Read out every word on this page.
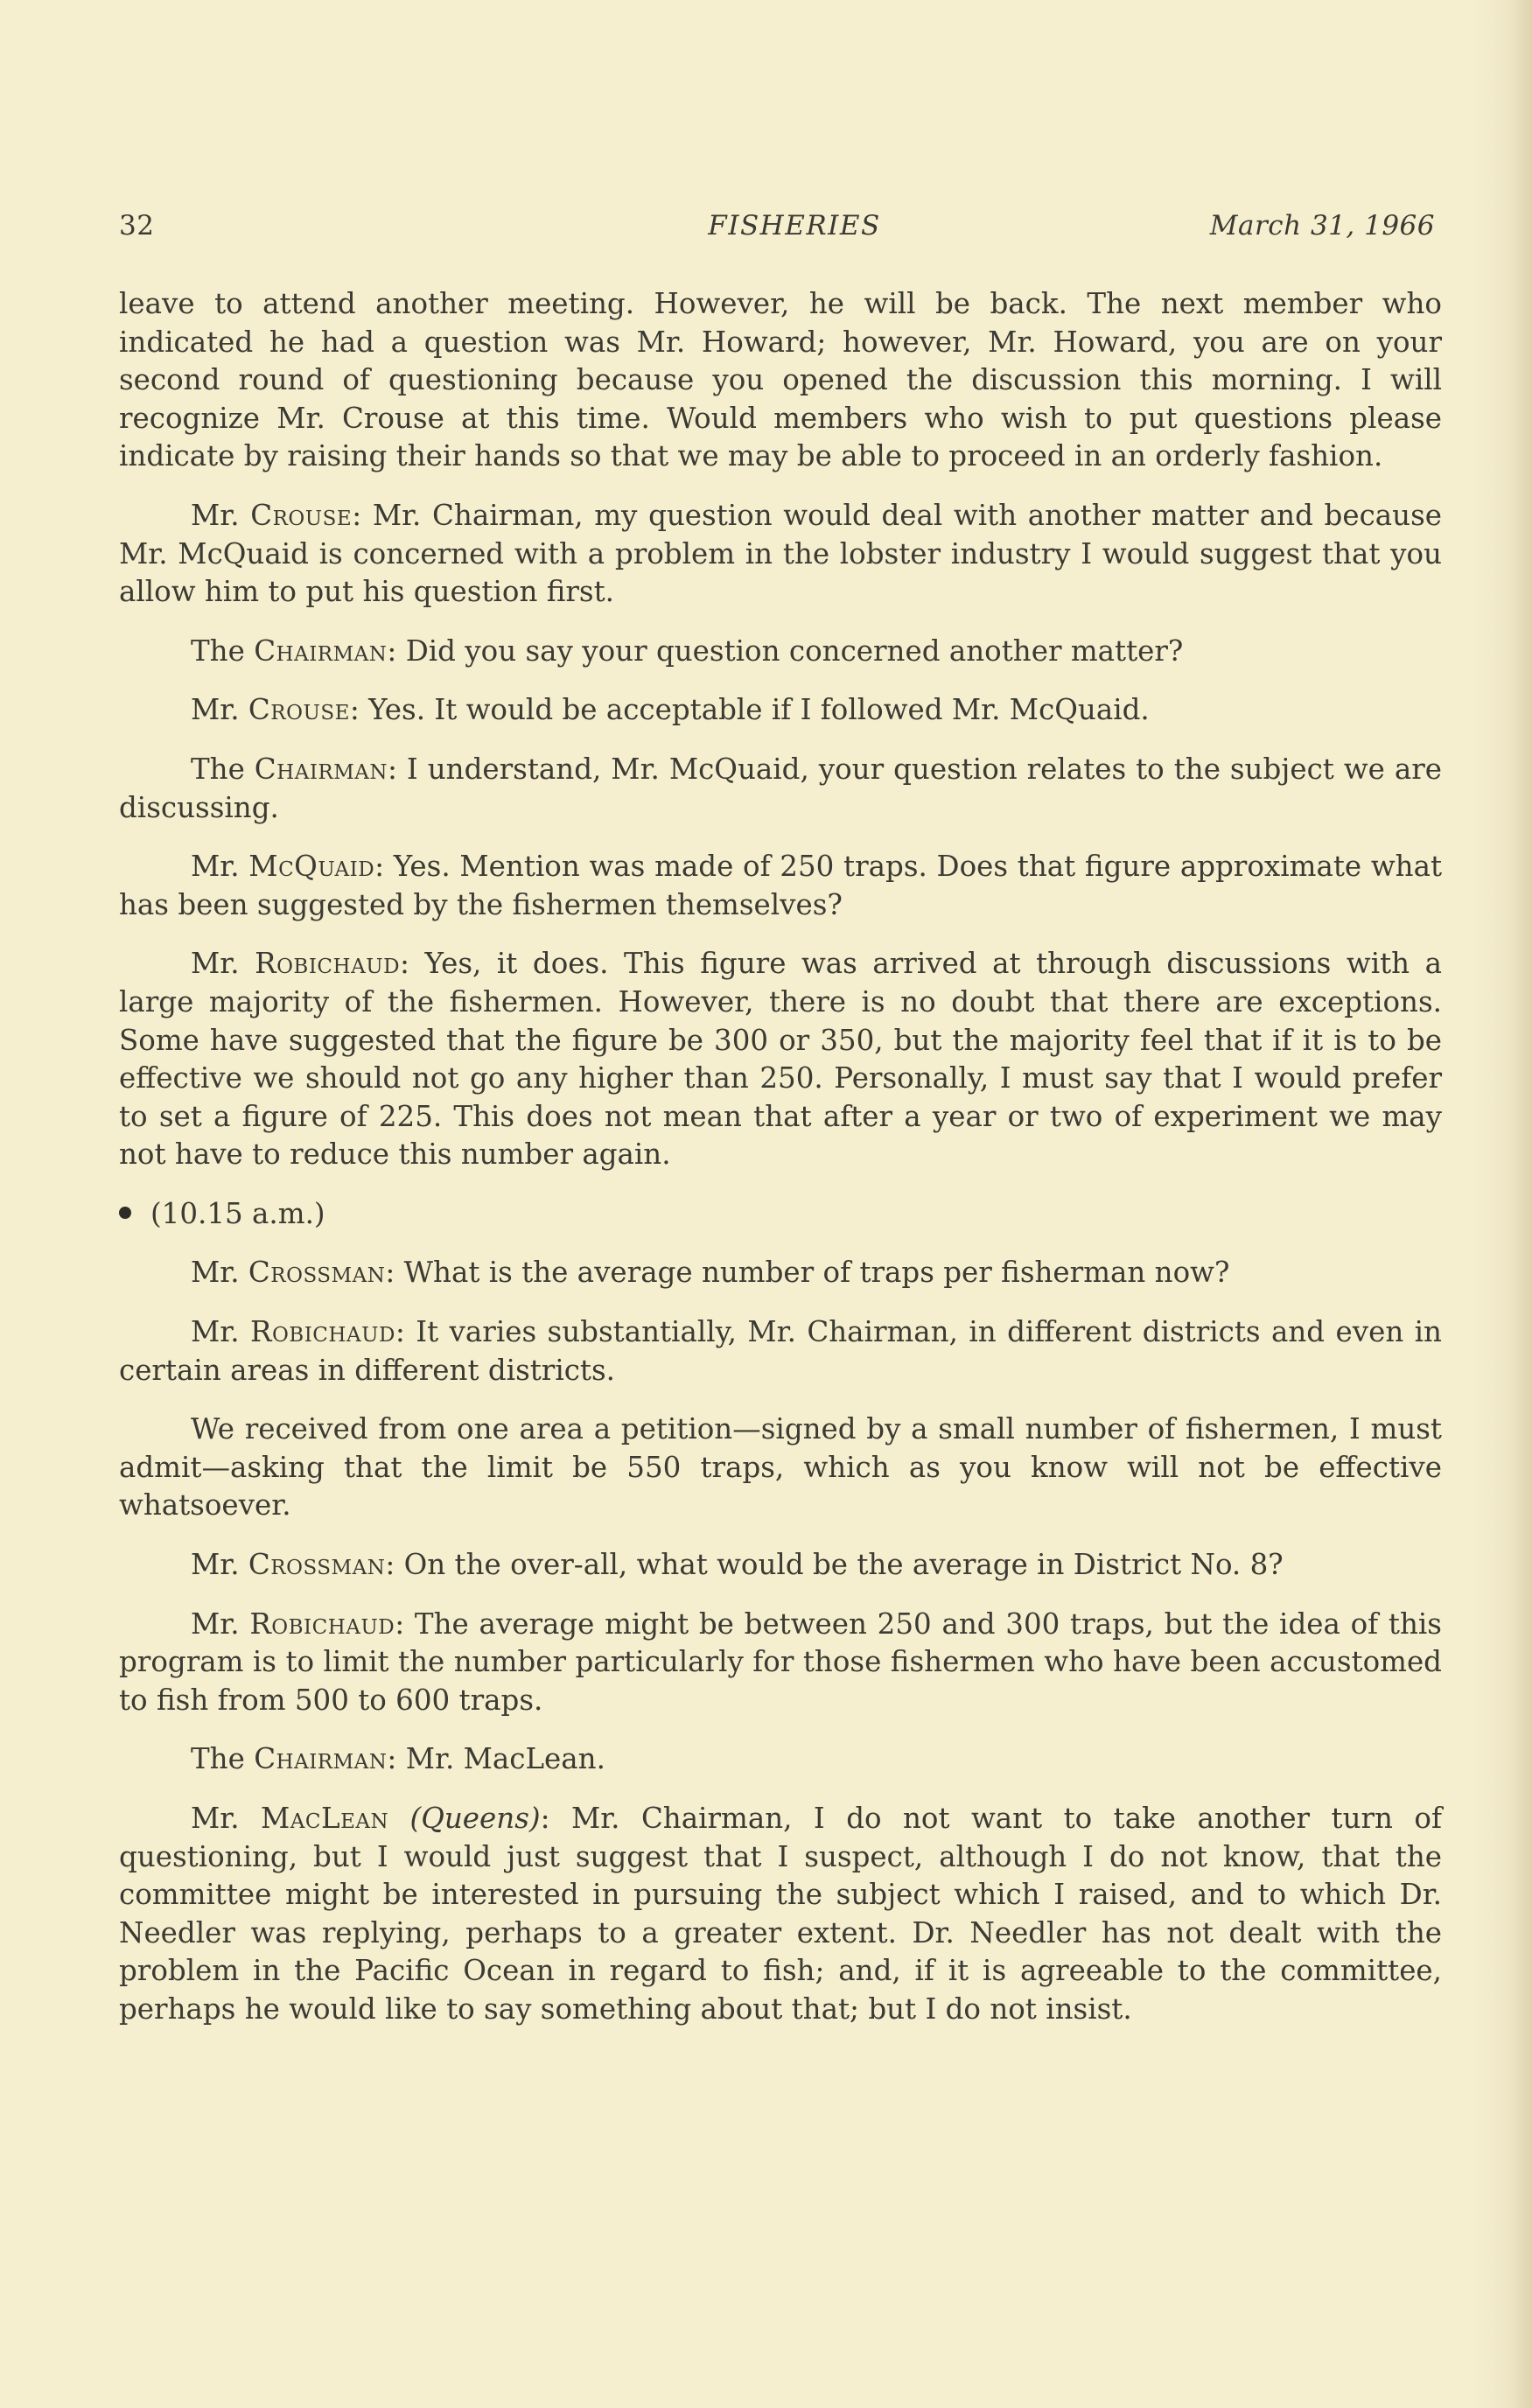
32	FISHERIES	March 31, 1966

leave to attend another meeting. However, he will be back. The next member who indicated he had a question was Mr. Howard; however, Mr. Howard, you are on your second round of questioning because you opened the discussion this morning. I will recognize Mr. Crouse at this time. Would members who wish to put questions please indicate by raising their hands so that we may be able to proceed in an orderly fashion.

Mr. Crouse: Mr. Chairman, my question would deal with another matter and because Mr. McQuaid is concerned with a problem in the lobster industry I would suggest that you allow him to put his question first.

The Chairman: Did you say your question concerned another matter?

Mr. Crouse: Yes. It would be acceptable if I followed Mr. McQuaid.

The Chairman: I understand, Mr. McQuaid, your question relates to the subject we are discussing.

Mr. McQuaid: Yes. Mention was made of 250 traps. Does that figure approximate what has been suggested by the fishermen themselves?

Mr. Robichaud: Yes, it does. This figure was arrived at through discussions with a large majority of the fishermen. However, there is no doubt that there are exceptions. Some have suggested that the figure be 300 or 350, but the majority feel that if it is to be effective we should not go any higher than 250. Personally, I must say that I would prefer to set a figure of 225. This does not mean that after a year or two of experiment we may not have to reduce this number again.

(10.15 a.m.)

Mr. Crossman: What is the average number of traps per fisherman now?

Mr. Robichaud: It varies substantially, Mr. Chairman, in different districts and even in certain areas in different districts.

We received from one area a petition—signed by a small number of fishermen, I must admit—asking that the limit be 550 traps, which as you know will not be effective whatsoever.

Mr. Crossman: On the over-all, what would be the average in District No. 8?

Mr. Robichaud: The average might be between 250 and 300 traps, but the idea of this program is to limit the number particularly for those fishermen who have been accustomed to fish from 500 to 600 traps.

The Chairman: Mr. MacLean.

Mr. MacLean (Queens): Mr. Chairman, I do not want to take another turn of questioning, but I would just suggest that I suspect, although I do not know, that the committee might be interested in pursuing the subject which I raised, and to which Dr. Needler was replying, perhaps to a greater extent. Dr. Needler has not dealt with the problem in the Pacific Ocean in regard to fish; and, if it is agreeable to the committee, perhaps he would like to say something about that; but I do not insist.
